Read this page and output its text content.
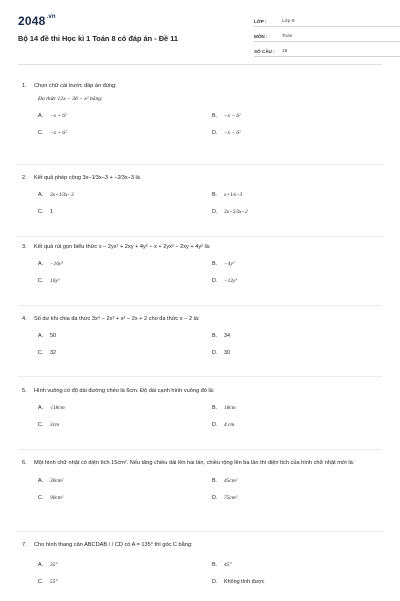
$2048^{.vn}$
Bộ 14 đề thi Học kì 1 Toán 8 có đáp án - Đề 11
LỚP :	Lớp 8
MÔN :	Toán
SỐ CÂU :	19
1.	Chọn chữ cái trước đáp án đúng:
Đa thức 12x − 36 − x² bằng:
A.	−x + 6²	B.	−x − 6²
C.	−x + 6²	D.	−x − 6²
2.	Kết quả phép cộng 3x−1⁄3x−3 + −2⁄3x−3 là
A.	3x+1⁄3x−3	B.	x+1⁄x−3
C.	1	D.	3x−5⁄3x−2
3.	Kết quả rút gọn biểu thức x − 2yx² + 2xy + 4y² − x + 2yx² − 2xy + 4y² là:
A.	−16y³	B.	−4y³
C.	16y³	D.	−12y³
4.	Số dư khi chia đa thức 3x⁴ − 2x³ + x² − 2x + 2 cho đa thức x − 2 là:
A.	50	B.	34
C.	32	D.	30
5.	Hình vuông có độ dài đường chéo là 6cm. Độ dài cạnh hình vuông đó là:
A.	√18cm	B.	18cm
C.	3cm	D.	4 cm
6.	Một hình chữ nhật có diện tích 15cm². Nếu tăng chiều dài lên hai lần, chiều rộng lên ba lần thì diện tích của hình chữ nhật mới là:
A.	30cm²	B.	45cm²
C.	90cm²	D.	75cm²
7.	Cho hình thang cân ABCDAB / / CD có A = 135° thì góc C bằng:
A.	35°	B.	45°
C.	55°	D.	Không tính được
